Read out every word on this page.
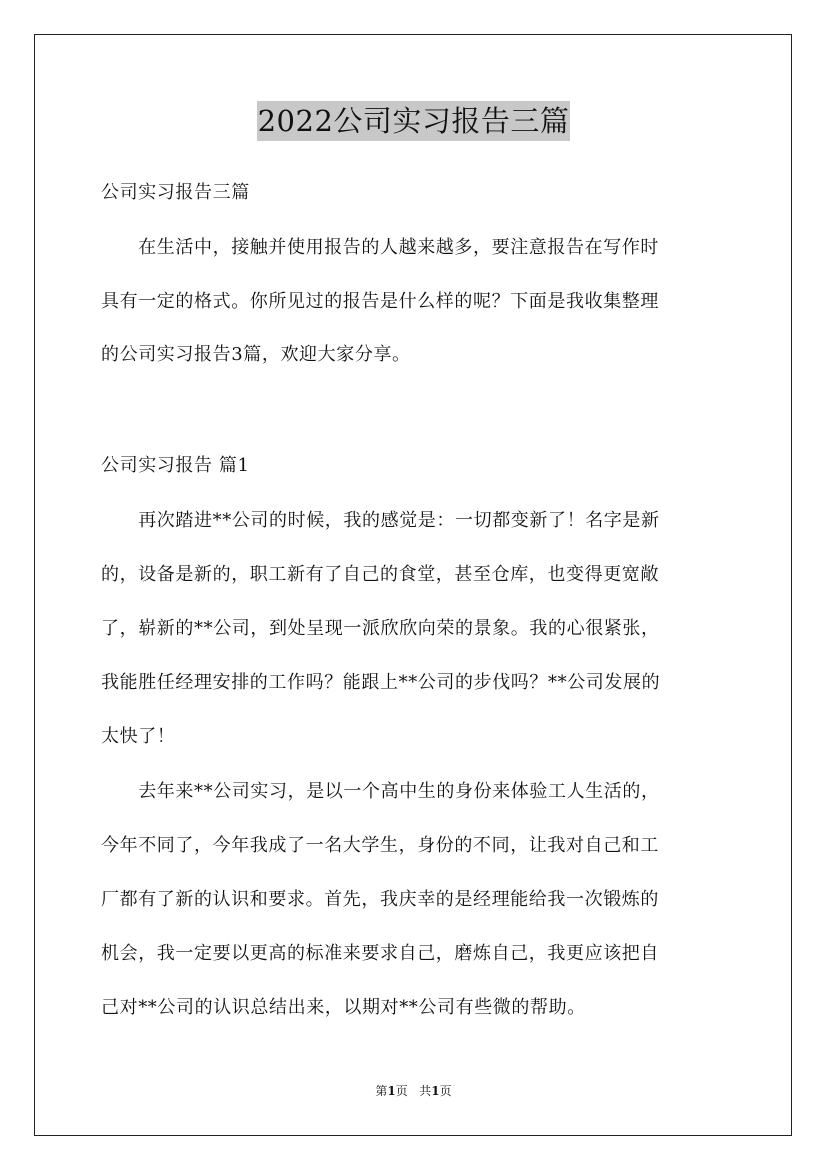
2022公司实习报告三篇
公司实习报告三篇
　　在生活中，接触并使用报告的人越来越多，要注意报告在写作时
具有一定的格式。你所见过的报告是什么样的呢？下面是我收集整理
的公司实习报告3篇，欢迎大家分享。
公司实习报告 篇1
　　再次踏进**公司的时候，我的感觉是：一切都变新了！名字是新
的，设备是新的，职工新有了自己的食堂，甚至仓库，也变得更宽敞
了，崭新的**公司，到处呈现一派欣欣向荣的景象。我的心很紧张，
我能胜任经理安排的工作吗？能跟上**公司的步伐吗？**公司发展的
太快了！
　　去年来**公司实习，是以一个高中生的身份来体验工人生活的，
今年不同了，今年我成了一名大学生，身份的不同，让我对自己和工
厂都有了新的认识和要求。首先，我庆幸的是经理能给我一次锻炼的
机会，我一定要以更高的标准来要求自己，磨炼自己，我更应该把自
己对**公司的认识总结出来，以期对**公司有些微的帮助。
第1页 共1页
